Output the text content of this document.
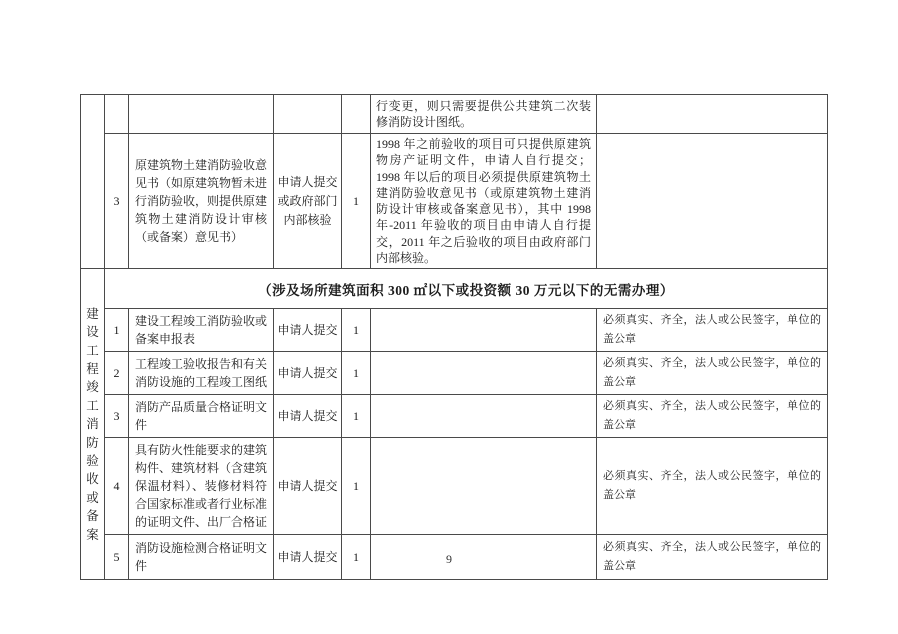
					行变更，则只需要提供公共建筑二次装修消防设计图纸。	
	3	原建筑物土建消防验收意见书（如原建筑物暂未进行消防验收，则提供原建筑物土建消防设计审核（或备案）意见书）	申请人提交或政府部门内部核验	1	1998 年之前验收的项目可只提供原建筑物房产证明文件，申请人自行提交；1998 年以后的项目必须提供原建筑物土建消防验收意见书（或原建筑物土建消防设计审核或备案意见书），其中 1998 年-2011 年验收的项目由申请人自行提交，2011 年之后验收的项目由政府部门内部核验。	

建设工程竣工消防验收或备案	（涉及场所建筑面积 300 ㎡以下或投资额 30 万元以下的无需办理）					
	1	建设工程竣工消防验收或备案申报表	申请人提交	1		必须真实、齐全，法人或公民签字，单位的盖公章
	2	工程竣工验收报告和有关消防设施的工程竣工图纸	申请人提交	1		必须真实、齐全，法人或公民签字，单位的盖公章
	3	消防产品质量合格证明文件	申请人提交	1		必须真实、齐全，法人或公民签字，单位的盖公章
	4	具有防火性能要求的建筑构件、建筑材料（含建筑保温材料）、装修材料符合国家标准或者行业标准的证明文件、出厂合格证	申请人提交	1		必须真实、齐全，法人或公民签字，单位的盖公章
	5	消防设施检测合格证明文件	申请人提交	1		必须真实、齐全，法人或公民签字，单位的盖公章
9
